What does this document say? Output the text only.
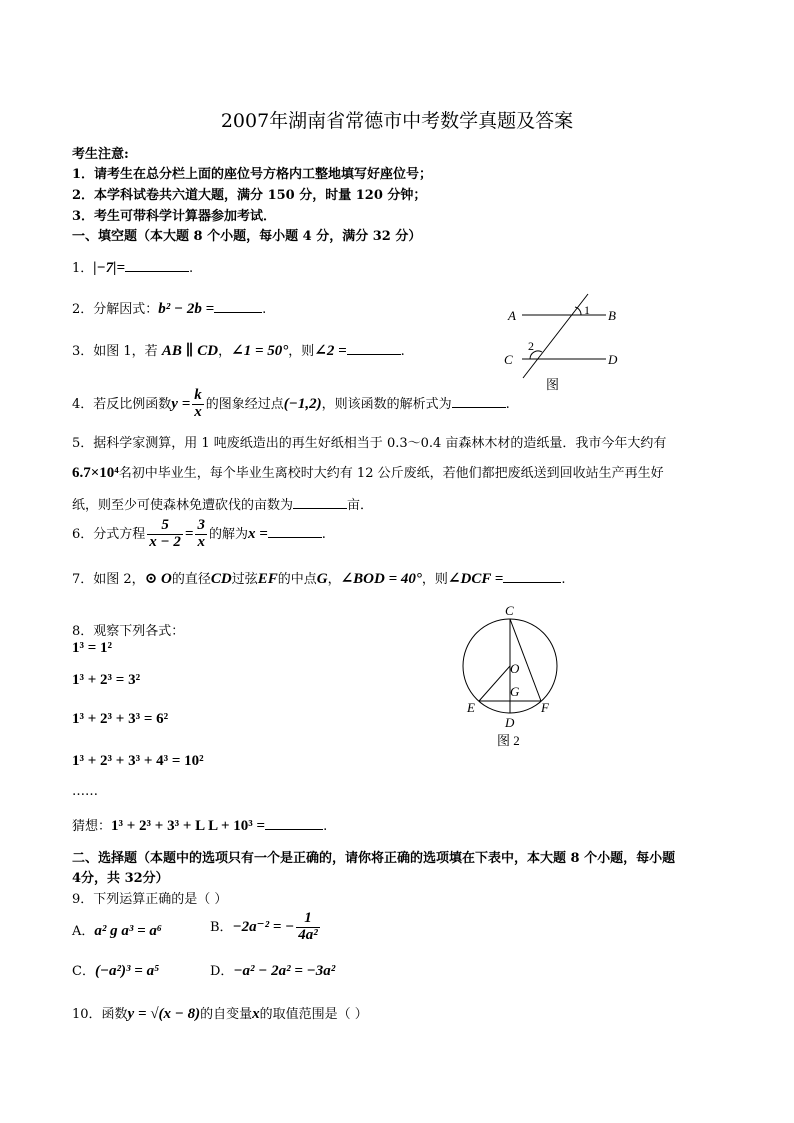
2007年湖南省常德市中考数学真题及答案
考生注意:
1．请考生在总分栏上面的座位号方格内工整地填写好座位号；
2．本学科试卷共六道大题，满分 150 分，时量 120 分钟；
3．考生可带科学计算器参加考试．
一、填空题（本大题 8 个小题，每小题 4 分，满分 32 分）
1．|−7|=	.
2．分解因式：b² − 2b =	.
3．如图 1，若 AB ∥ CD，∠1 = 50°，则∠2 =	.
A	B
C	D
1
2
图
4．若反比例函数$y = \frac{k}{x}$ 的图象经过点(−1,2)，则该函数的解析式为	.
5．据科学家测算，用 1 吨废纸造出的再生好纸相当于 0.3～0.4 亩森林木材的造纸量．我市今年大约有
6.7×10⁴名初中毕业生，每个毕业生离校时大约有 12 公斤废纸，若他们都把废纸送到回收站生产再生好
纸，则至少可使森林免遭砍伐的亩数为	亩．
6．分式方程 $\frac{5}{x - 2} = \frac{3}{x}$ 的解为x =	.
7．如图 2，⊙ O的直径CD过弦EF的中点G，∠BOD = 40°，则∠DCF =	.
C
O
G
E	F
D
图 2
8．观察下列各式：
1³ = 1²
1³ + 2³ = 3²
1³ + 2³ + 3³ = 6²
1³ + 2³ + 3³ + 4³ = 10²
……
猜想：1³ + 2³ + 3³ + L L + 10³ =	.
二、选择题（本题中的选项只有一个是正确的，请你将正确的选项填在下表中，本大题 8 个小题，每小题
4分，共 32分）
9．下列运算正确的是（ ）
A．a² g a³ = a⁶	B．−2a⁻² = − $\frac{1}{\text{4a²}}$
C．(−a²)³ = a⁵	D．−a² − 2a² = −3a²
10．函数y = √(x − 8)的自变量x的取值范围是（ ）
